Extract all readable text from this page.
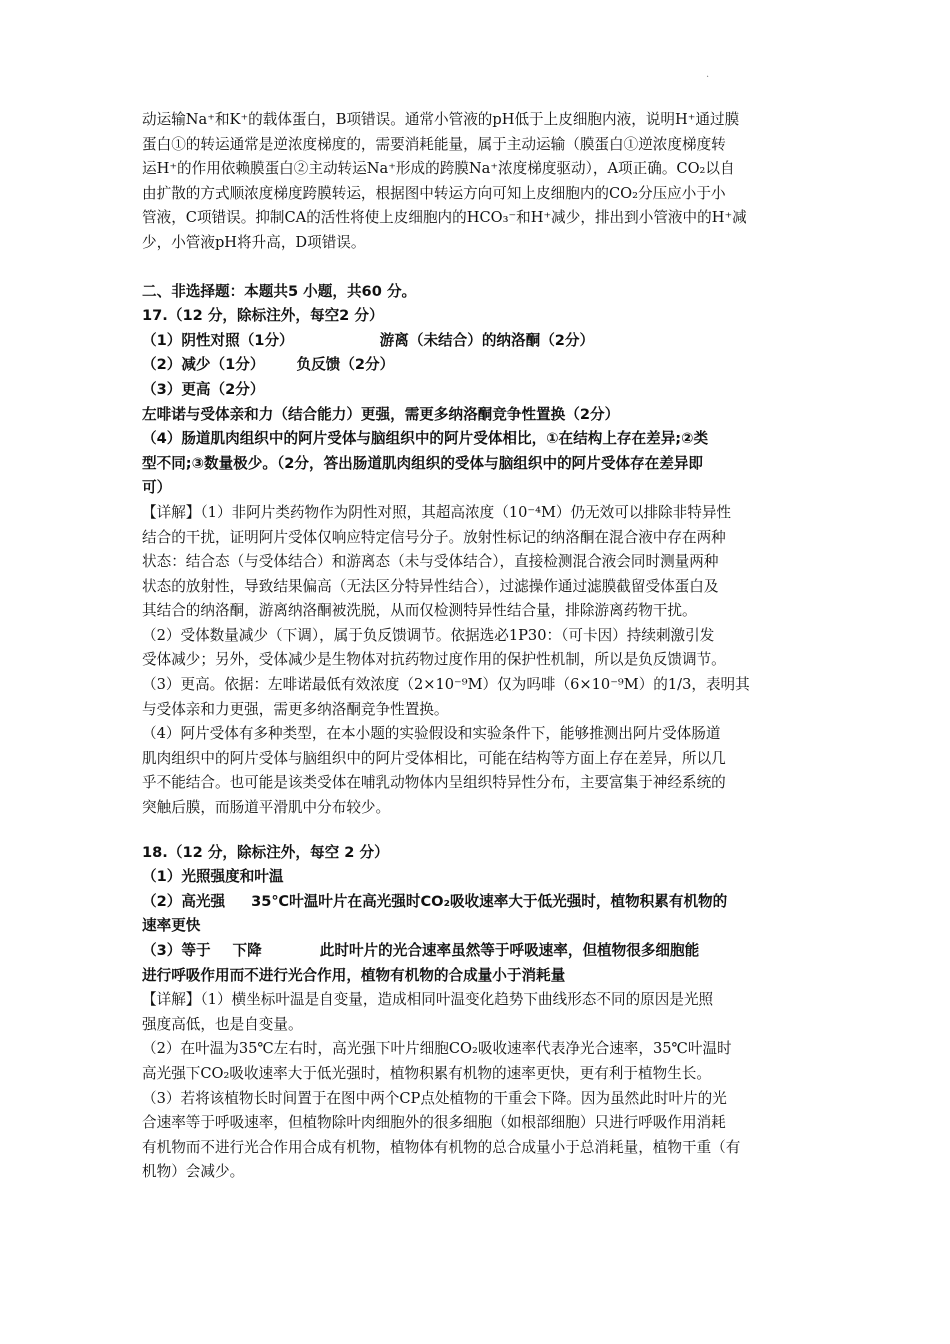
·

动运输Na⁺和K⁺的载体蛋白，B项错误。通常小管液的pH低于上皮细胞内液，说明H⁺通过膜

蛋白①的转运通常是逆浓度梯度的，需要消耗能量，属于主动运输（膜蛋白①逆浓度梯度转

运H⁺的作用依赖膜蛋白②主动转运Na⁺形成的跨膜Na⁺浓度梯度驱动），A项正确。CO₂以自

由扩散的方式顺浓度梯度跨膜转运，根据图中转运方向可知上皮细胞内的CO₂分压应小于小

管液，C项错误。抑制CA的活性将使上皮细胞内的HCO₃⁻和H⁺减少，排出到小管液中的H⁺减

少，小管液pH将升高，D项错误。

二、非选择题：本题共5 小题，共60 分。

17.（12 分，除标注外，每空2 分）

（1）阴性对照（1分）	游离（未结合）的纳洛酮（2分）

（2）减少（1分） 负反馈（2分）

（3）更高（2分）

左啡诺与受体亲和力（结合能力）更强，需更多纳洛酮竞争性置换（2分）

（4）肠道肌肉组织中的阿片受体与脑组织中的阿片受体相比，①在结构上存在差异;②类

型不同;③数量极少。（2分，答出肠道肌肉组织的受体与脑组织中的阿片受体存在差异即

可）

【详解】（1）非阿片类药物作为阴性对照，其超高浓度（10⁻⁴M）仍无效可以排除非特异性

结合的干扰，证明阿片受体仅响应特定信号分子。放射性标记的纳洛酮在混合液中存在两种

状态：结合态（与受体结合）和游离态（未与受体结合），直接检测混合液会同时测量两种

状态的放射性，导致结果偏高（无法区分特异性结合），过滤操作通过滤膜截留受体蛋白及

其结合的纳洛酮，游离纳洛酮被洗脱，从而仅检测特异性结合量，排除游离药物干扰。

（2）受体数量减少（下调），属于负反馈调节。依据选必1P30：（可卡因）持续刺激引发

受体减少；另外，受体减少是生物体对抗药物过度作用的保护性机制，所以是负反馈调节。

（3）更高。依据：左啡诺最低有效浓度（2×10⁻⁹M）仅为吗啡（6×10⁻⁹M）的1/3，表明其

与受体亲和力更强，需更多纳洛酮竞争性置换。

（4）阿片受体有多种类型，在本小题的实验假设和实验条件下，能够推测出阿片受体肠道

肌肉组织中的阿片受体与脑组织中的阿片受体相比，可能在结构等方面上存在差异，所以几

乎不能结合。也可能是该类受体在哺乳动物体内呈组织特异性分布，主要富集于神经系统的

突触后膜，而肠道平滑肌中分布较少。

18.（12 分，除标注外，每空 2 分）

（1）光照强度和叶温

（2）高光强 35℃叶温叶片在高光强时CO₂吸收速率大于低光强时，植物积累有机物的

速率更快

（3）等于 下降	此时叶片的光合速率虽然等于呼吸速率，但植物很多细胞能

进行呼吸作用而不进行光合作用，植物有机物的合成量小于消耗量

【详解】（1）横坐标叶温是自变量，造成相同叶温变化趋势下曲线形态不同的原因是光照

强度高低，也是自变量。

（2）在叶温为35℃左右时，高光强下叶片细胞CO₂吸收速率代表净光合速率，35℃叶温时

高光强下CO₂吸收速率大于低光强时，植物积累有机物的速率更快，更有利于植物生长。

（3）若将该植物长时间置于在图中两个CP点处植物的干重会下降。因为虽然此时叶片的光

合速率等于呼吸速率，但植物除叶肉细胞外的很多细胞（如根部细胞）只进行呼吸作用消耗

有机物而不进行光合作用合成有机物，植物体有机物的总合成量小于总消耗量，植物干重（有

机物）会减少。
